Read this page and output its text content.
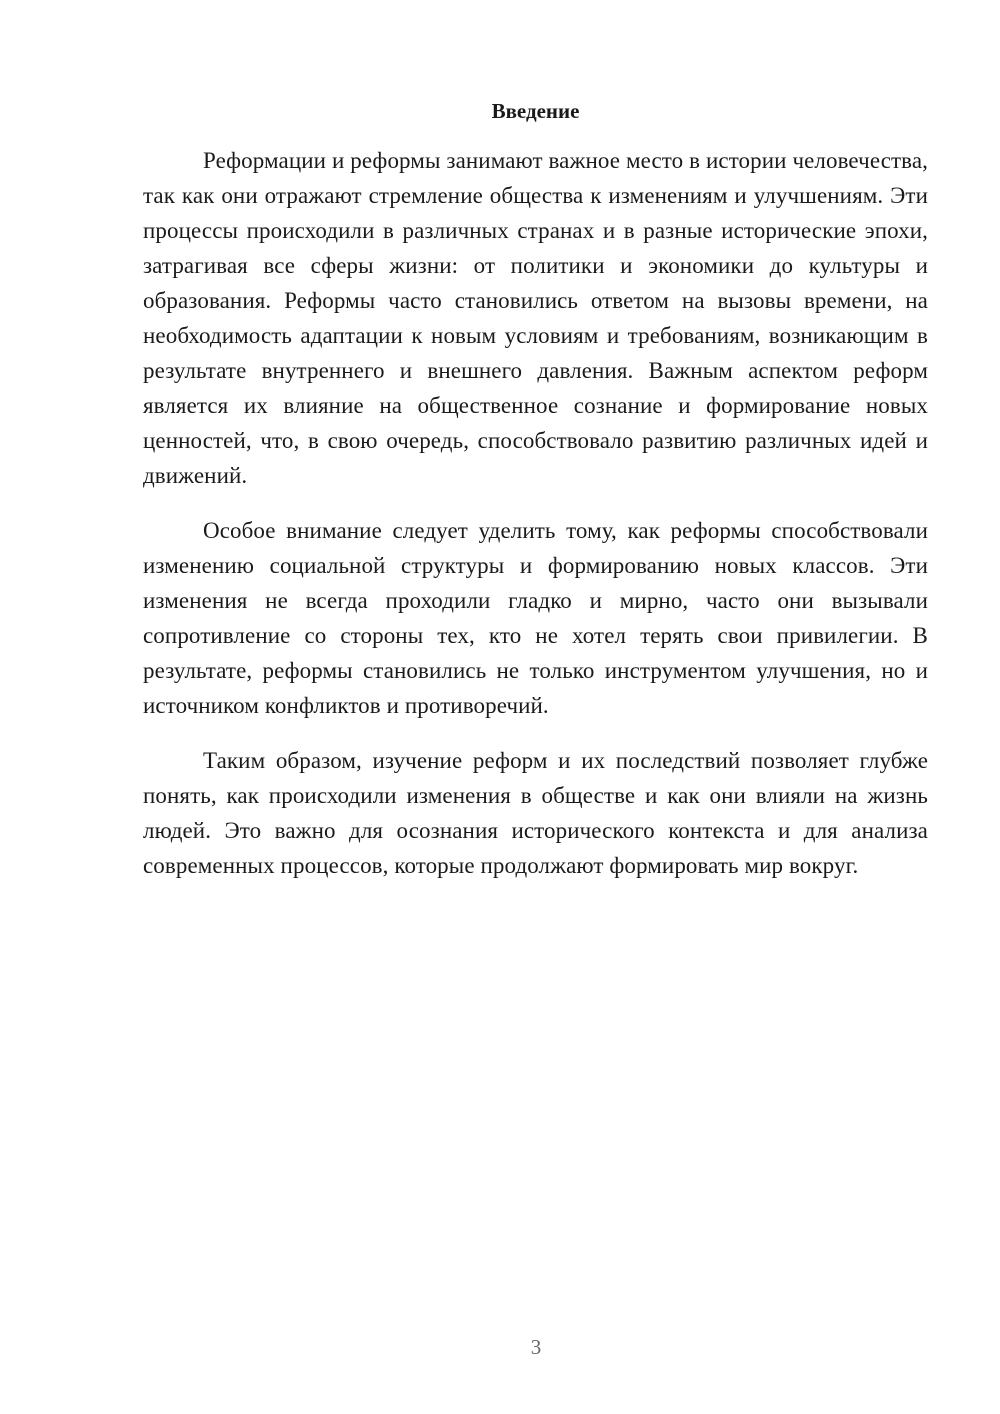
Введение

Реформации и реформы занимают важное место в истории человечества, так как они отражают стремление общества к изменениям и улучшениям. Эти процессы происходили в различных странах и в разные исторические эпохи, затрагивая все сферы жизни: от политики и экономики до культуры и образования. Реформы часто становились ответом на вызовы времени, на необходимость адаптации к новым условиям и требованиям, возникающим в результате внутреннего и внешнего давления. Важным аспектом реформ является их влияние на общественное сознание и формирование новых ценностей, что, в свою очередь, способствовало развитию различных идей и движений.

Особое внимание следует уделить тому, как реформы способствовали изменению социальной структуры и формированию новых классов. Эти изменения не всегда проходили гладко и мирно, часто они вызывали сопротивление со стороны тех, кто не хотел терять свои привилегии. В результате, реформы становились не только инструментом улучшения, но и источником конфликтов и противоречий.

Таким образом, изучение реформ и их последствий позволяет глубже понять, как происходили изменения в обществе и как они влияли на жизнь людей. Это важно для осознания исторического контекста и для анализа современных процессов, которые продолжают формировать мир вокруг.

3
